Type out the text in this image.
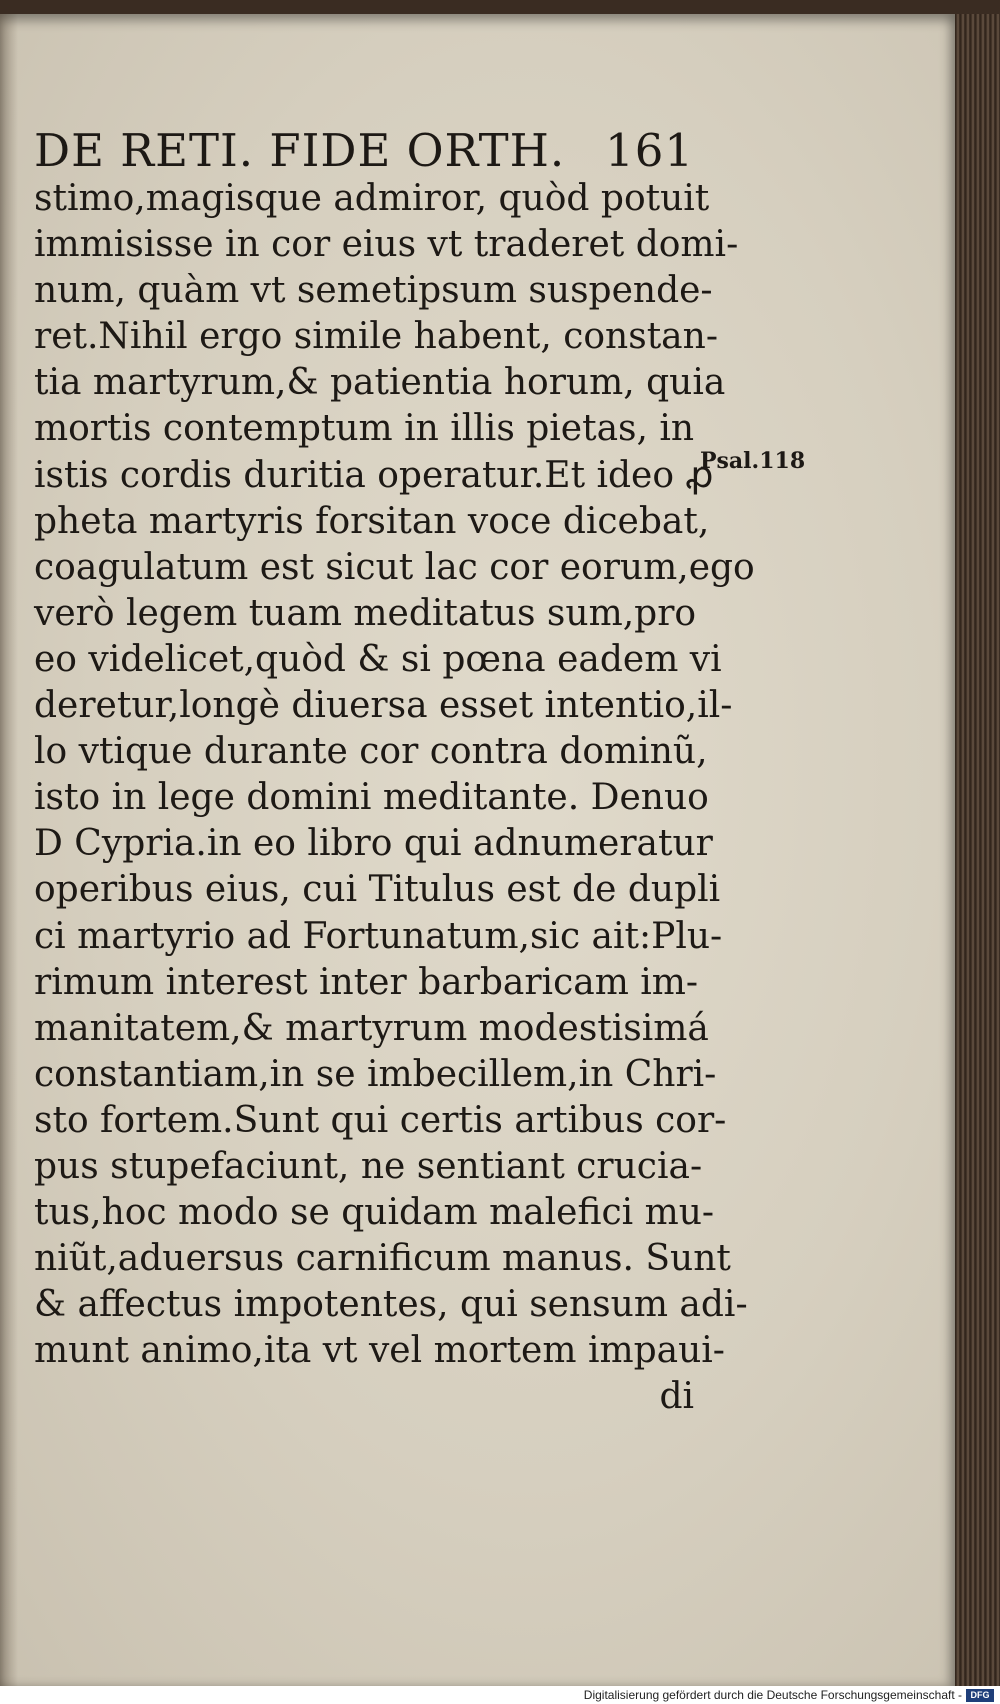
DE RETI. FIDE ORTH. 161
stimo,magisque admiror, quòd potuit
immisisse in cor eius vt traderet domi-
num, quàm vt semetipsum suspende-
ret.Nihil ergo simile habent, constan-
tia martyrum,& patientia horum, quia
mortis contemptum in illis pietas, in
istis cordis duritia operatur.Et ideo ꝓ
pheta martyris forsitan voce dicebat,
coagulatum est sicut lac cor eorum,ego
verò legem tuam meditatus sum,pro
eo videlicet,quòd & si pœna eadem vi
deretur,longè diuersa esset intentio,il-
lo vtique durante cor contra dominũ,
isto in lege domini meditante. Denuo
D Cypria.in eo libro qui adnumeratur
operibus eius, cui Titulus est de dupli
ci martyrio ad Fortunatum,sic ait:Plu-
rimum interest inter barbaricam im-
manitatem,& martyrum modestisimá
constantiam,in se imbecillem,in Chri-
sto fortem.Sunt qui certis artibus cor-
pus stupefaciunt, ne sentiant crucia-
tus,hoc modo se quidam malefici mu-
niũt,aduersus carnificum manus. Sunt
& affectus impotentes, qui sensum adi-
munt animo,ita vt vel mortem impaui-
di
Psal.118
Digitalisierung gefördert durch die Deutsche Forschungsgemeinschaft - DFG
